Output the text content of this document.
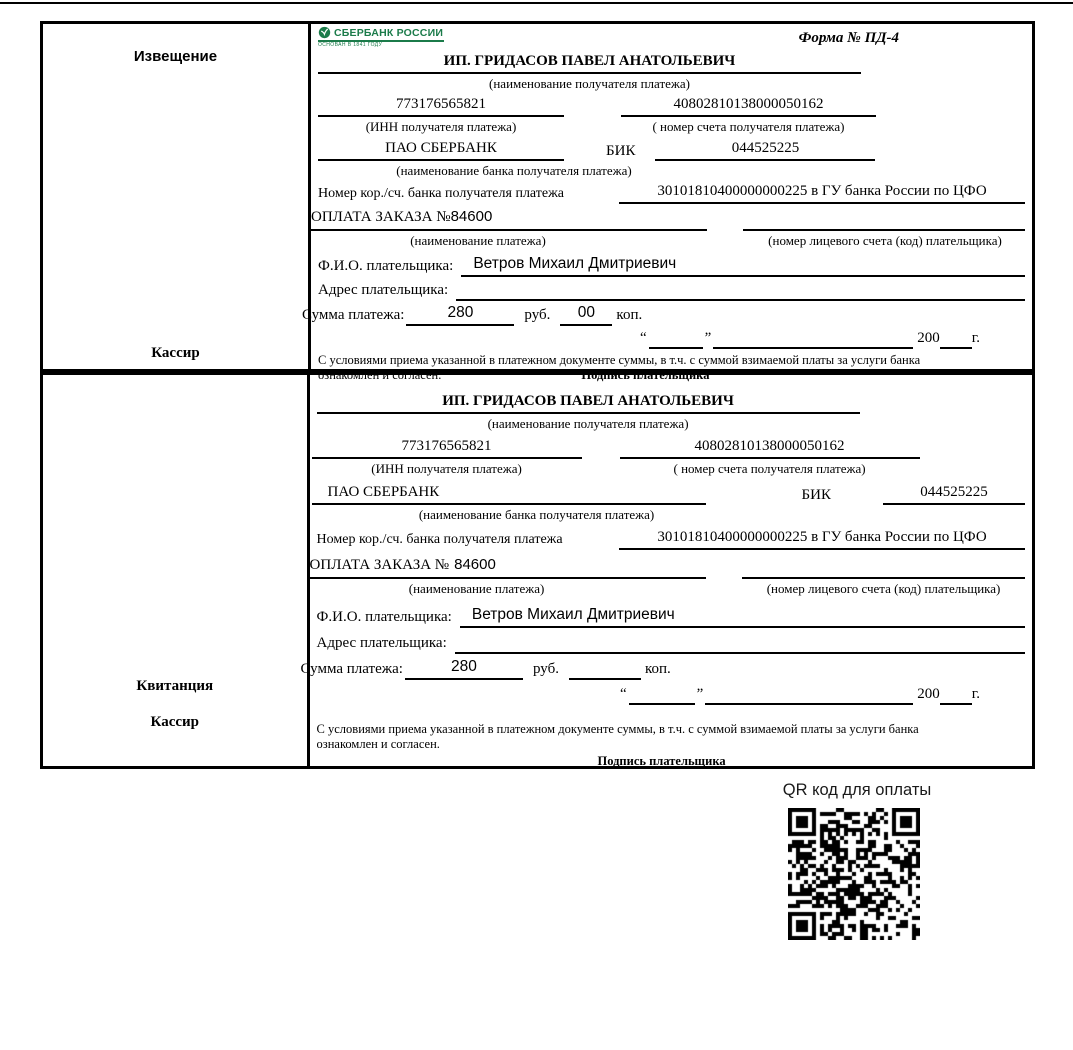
Извещение
Кассир
СБЕРБАНК РОССИИ
ОСНОВАН В 1841 ГОДУ	Форма № ПД-4
ИП. ГРИДАСОВ ПАВЕЛ АНАТОЛЬЕВИЧ
(наименование получателя платежа)
773176565821
(ИНН получателя платежа)
40802810138000050162
( номер счета получателя платежа)
ПАО СБЕРБАНК	БИК	044525225
(наименование банка получателя платежа)
Номер кор./сч. банка получателя платежа	30101810400000000225 в ГУ банка России по ЦФО
ОПЛАТА ЗАКАЗА №84600
(наименование платежа)	(номер лицевого счета (код) плательщика)
Ф.И.О. плательщика:	Ветров Михаил Дмитриевич
Адрес плательщика:
Сумма платежа:	280	руб.	00	коп.
“	”	200 г.
С условиями приема указанной в платежном документе суммы, в т.ч. с суммой взимаемой платы за услуги банка
ознакомлен и согласен.	Подпись плательщика
Квитанция
Кассир
ИП. ГРИДАСОВ ПАВЕЛ АНАТОЛЬЕВИЧ
(наименование получателя платежа)
773176565821
(ИНН получателя платежа)
40802810138000050162
( номер счета получателя платежа)
ПАО СБЕРБАНК	БИК	044525225
(наименование банка получателя платежа)
Номер кор./сч. банка получателя платежа	30101810400000000225 в ГУ банка России по ЦФО
ОПЛАТА ЗАКАЗА № 84600
(наименование платежа)	(номер лицевого счета (код) плательщика)
Ф.И.О. плательщика:	Ветров Михаил Дмитриевич
Адрес плательщика:
Сумма платежа:	280	руб.	коп.
“	”	200 г.
С условиями приема указанной в платежном документе суммы, в т.ч. с суммой взимаемой платы за услуги банка
ознакомлен и согласен.
Подпись плательщика
QR код для оплаты
